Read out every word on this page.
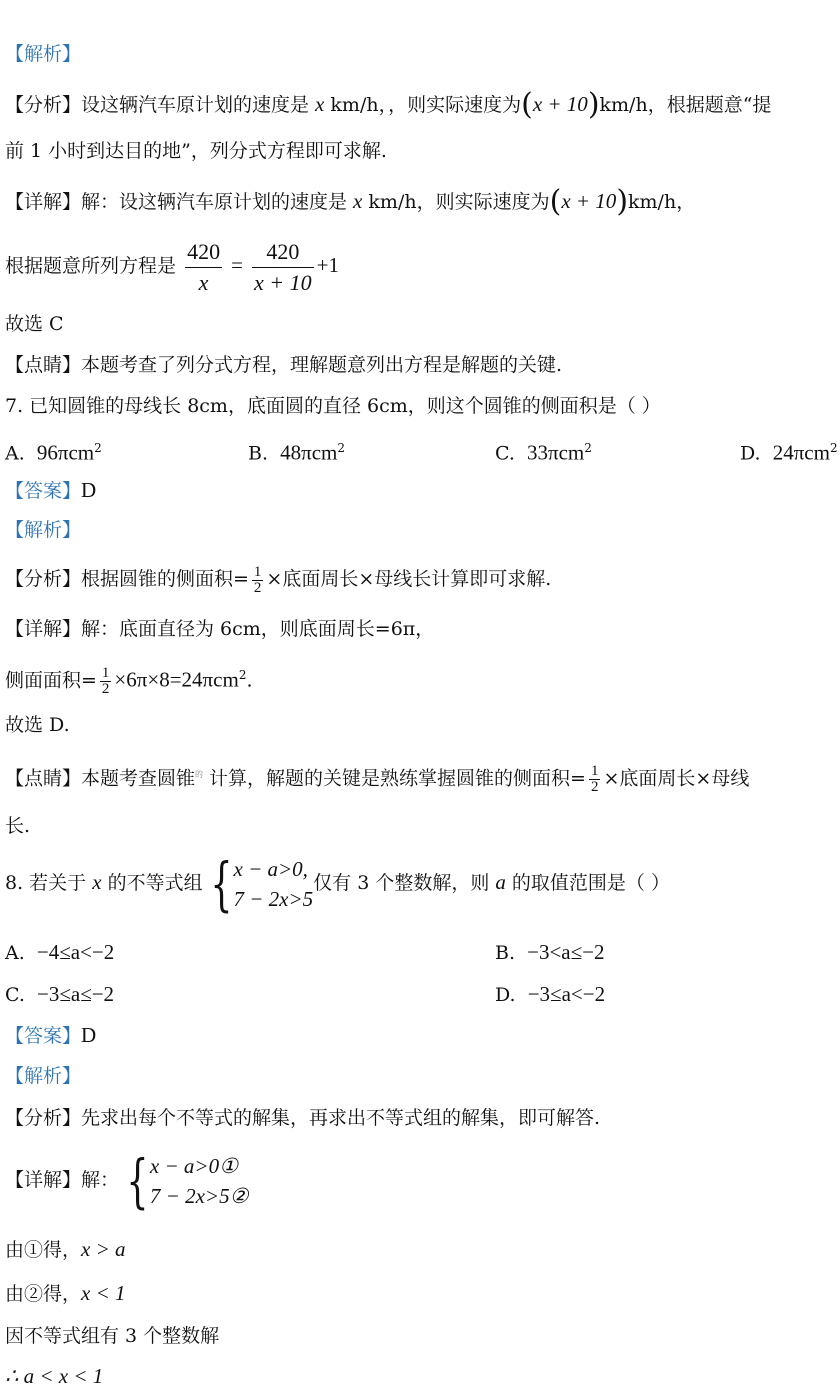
【解析】
【分析】设这辆汽车原计划的速度是 x km/h，，则实际速度为(x + 10)km/h，根据题意“提
前 1 小时到达目的地”，列分式方程即可求解.
【详解】解：设这辆汽车原计划的速度是 x km/h，则实际速度为(x + 10)km/h，
根据题意所列方程是 $\frac{420}{x} = \frac{420}{x + 10} +1$
故选 C
【点睛】本题考查了列分式方程，理解题意列出方程是解题的关键.
7. 已知圆锥的母线长 8cm，底面圆的直径 6cm，则这个圆锥的侧面积是（ ）
A. 96πcm$^2$	B. 48πcm$^2$	C. 33πcm$^2$	D. 24πcm$^2$
【答案】D
【解析】
【分析】根据圆锥的侧面积= $\frac{1}{2}$ ×底面周长×母线长计算即可求解.
【详解】解：底面直径为 6cm，则底面周长=6π，
侧面面积= $\frac{1}{2} \times 6\pi\times 8=24\pi cm^2$.
故选 D.
【点睛】本题考查圆锥$^的$ 计算，解题的关键是熟练掌握圆锥的侧面积= $\frac{1}{2}$ ×底面周长×母线
长.
8. 若关于 x 的不等式组 { x − a>0,
7 − 2x>5
仅有 3 个整数解，则 a 的取值范围是（ ）
A. −4≤a<−2	B. −3<a≤−2
C. −3≤a≤−2	D. −3≤a<−2
【答案】D
【解析】
【分析】先求出每个不等式的解集，再求出不等式组的解集，即可解答.
【详解】解： { x − a>0①
7 − 2x>5②
由①得，x > a
由②得，x < 1
因不等式组有 3 个整数解
∴ a < x < 1
